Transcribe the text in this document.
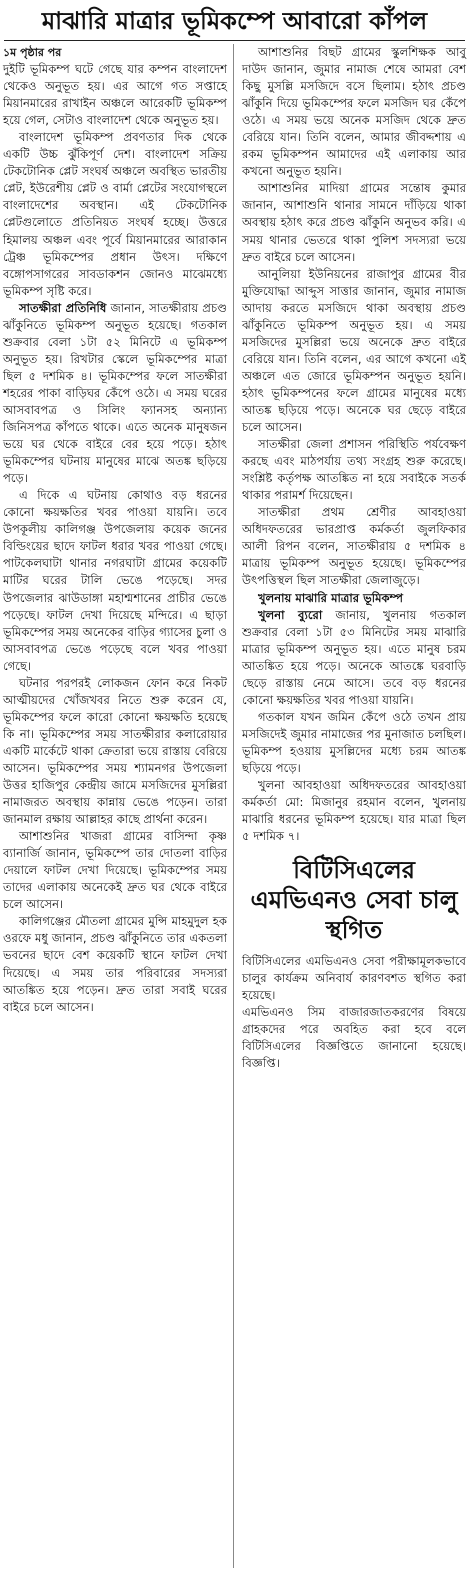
মাঝারি মাত্রার ভূমিকম্পে আবারো কাঁপল

১ম পৃষ্ঠার পর

দুইটি ভূমিকম্প ঘটে গেছে যার কম্পন বাংলাদেশ থেকেও অনুভূত হয়। এর আগে গত সপ্তাহে মিয়ানমারের রাখাইন অঞ্চলে আরেকটি ভূমিকম্প হয়ে গেল, সেটাও বাংলাদেশ থেকে অনুভূত হয়।

বাংলাদেশ ভূমিকম্প প্রবণতার দিক থেকে একটি উচ্চ ঝুঁকিপূর্ণ দেশ। বাংলাদেশ সক্রিয় টেকটোনিক প্লেট সংঘর্ষ অঞ্চলে অবস্থিত ভারতীয় প্লেট, ইউরেশীয় প্লেট ও বার্মা প্লেটের সংযোগস্থলে বাংলাদেশের অবস্থান। এই টেকটোনিক প্লেটগুলোতে প্রতিনিয়ত সংঘর্ষ হচ্ছে। উত্তরে হিমালয় অঞ্চল এবং পূর্বে মিয়ানমারের আরাকান ট্রেঞ্চ ভূমিকম্পের প্রধান উৎস। দক্ষিণে বঙ্গোপসাগরের সাবডাকশন জোনও মাঝেমধ্যে ভূমিকম্প সৃষ্টি করে।

সাতক্ষীরা প্রতিনিধি জানান, সাতক্ষীরায় প্রচণ্ড ঝাঁকুনিতে ভূমিকম্প অনুভূত হয়েছে। গতকাল শুক্রবার বেলা ১টা ৫২ মিনিটে এ ভূমিকম্প অনুভূত হয়। রিখটার স্কেলে ভূমিকম্পের মাত্রা ছিল ৫ দশমিক ৪। ভূমিকম্পের ফলে সাতক্ষীরা শহরের পাকা বাড়িঘর কেঁপে ওঠে। এ সময় ঘরের আসবাবপত্র ও সিলিং ফ্যানসহ অন্যান্য জিনিসপত্র কাঁপতে থাকে। এতে অনেক মানুষজন ভয়ে ঘর থেকে বাইরে বের হয়ে পড়ে। হঠাৎ ভূমিকম্পের ঘটনায় মানুষের মাঝে অতঙ্ক ছড়িয়ে পড়ে।

এ দিকে এ ঘটনায় কোথাও বড় ধরনের কোনো ক্ষয়ক্ষতির খবর পাওয়া যায়নি। তবে উপকূলীয় কালিগঞ্জ উপজেলায় কয়েক জনের বিল্ডিংয়ের ছাদে ফাটল ধরার খবর পাওয়া গেছে। পাটকেলঘাটা থানার নগরঘাটা গ্রামের কয়েকটি মাটির ঘরের টালি ভেঙে পড়েছে। সদর উপজেলার ঝাউডাঙ্গা মহাশ্মশানের প্রাচীর ভেঙে পড়েছে। ফাটল দেখা দিয়েছে মন্দিরে। এ ছাড়া ভূমিকম্পের সময় অনেকের বাড়ির গ্যাসের চুলা ও আসবাবপত্র ভেঙে পড়েছে বলে খবর পাওয়া গেছে।

ঘটনার পরপরই লোকজন ফোন করে নিকট আত্মীয়দের খোঁজখবর নিতে শুরু করেন যে, ভূমিকম্পের ফলে কারো কোনো ক্ষয়ক্ষতি হয়েছে কি না। ভূমিকম্পের সময় সাতক্ষীরার কলারোয়ার একটি মার্কেটে থাকা ক্রেতারা ভয়ে রাস্তায় বেরিয়ে আসেন। ভূমিকম্পের সময় শ্যামনগর উপজেলা উত্তর হাজিপুর কেন্দ্রীয় জামে মসজিদের মুসল্লিরা নামাজরত অবস্থায় কান্নায় ভেঙে পড়েন। তারা জানমাল রক্ষায় আল্লাহর কাছে প্রার্থনা করেন।

আশাশুনির খাজরা গ্রামের বাসিন্দা কৃষ্ণ ব্যানার্জি জানান, ভূমিকম্পে তার দোতলা বাড়ির দেয়ালে ফাটল দেখা দিয়েছে। ভূমিকম্পের সময় তাদের এলাকায় অনেকেই দ্রুত ঘর থেকে বাইরে চলে আসেন।

কালিগঞ্জের মৌতলা গ্রামের মুন্সি মাহমুদুল হক ওরফে মধু জানান, প্রচণ্ড ঝাঁকুনিতে তার একতলা ভবনের ছাদে বেশ কয়েকটি স্থানে ফাটল দেখা দিয়েছে। এ সময় তার পরিবারের সদস্যরা আতঙ্কিত হয়ে পড়েন। দ্রুত তারা সবাই ঘরের বাইরে চলে আসেন।

আশাশুনির বিছট গ্রামের স্কুলশিক্ষক আবু দাউদ জানান, জুমার নামাজ শেষে আমরা বেশ কিছু মুসল্লি মসজিদে বসে ছিলাম। হঠাৎ প্রচণ্ড ঝাঁকুনি দিয়ে ভূমিকম্পের ফলে মসজিদ ঘর কেঁপে ওঠে। এ সময় ভয়ে অনেক মসজিদ থেকে দ্রুত বেরিয়ে যান। তিনি বলেন, আমার জীবদ্দশায় এ রকম ভূমিকম্পন আমাদের এই এলাকায় আর কখনো অনুভূত হয়নি।

আশাশুনির মাদিয়া গ্রামের সন্তোষ কুমার জানান, আশাশুনি থানার সামনে দাঁড়িয়ে থাকা অবস্থায় হঠাৎ করে প্রচণ্ড ঝাঁকুনি অনুভব করি। এ সময় থানার ভেতরে থাকা পুলিশ সদস্যরা ভয়ে দ্রুত বাইরে চলে আসেন।

আনুলিয়া ইউনিয়নের রাজাপুর গ্রামের বীর মুক্তিযোদ্ধা আব্দুস সাত্তার জানান, জুমার নামাজ আদায় করতে মসজিদে থাকা অবস্থায় প্রচণ্ড ঝাঁকুনিতে ভূমিকম্প অনুভূত হয়। এ সময় মসজিদের মুসল্লিরা ভয়ে অনেকে দ্রুত বাইরে বেরিয়ে যান। তিনি বলেন, এর আগে কখনো এই অঞ্চলে এত জোরে ভূমিকম্পন অনুভূত হয়নি। হঠাৎ ভূমিকম্পনের ফলে গ্রামের মানুষের মধ্যে আতঙ্ক ছড়িয়ে পড়ে। অনেকে ঘর ছেড়ে বাইরে চলে আসেন।

সাতক্ষীরা জেলা প্রশাসন পরিস্থিতি পর্যবেক্ষণ করছে এবং মাঠপর্যায় তথ্য সংগ্রহ শুরু করেছে। সংশ্লিষ্ট কর্তৃপক্ষ আতঙ্কিত না হয়ে সবাইকে সতর্ক থাকার পরামর্শ দিয়েছেন।

সাতক্ষীরা প্রথম শ্রেণীর আবহাওয়া অধিদফতরের ভারপ্রাপ্ত কর্মকর্তা জুলফিকার আলী রিপন বলেন, সাতক্ষীরায় ৫ দশমিক ৪ মাত্রায় ভূমিকম্প অনুভূত হয়েছে। ভূমিকম্পের উৎপত্তিস্থল ছিল সাতক্ষীরা জেলাজুড়ে।

খুলনায় মাঝারি মাত্রার ভূমিকম্প

খুলনা ব্যুরো জানায়, খুলনায় গতকাল শুক্রবার বেলা ১টা ৫৩ মিনিটের সময় মাঝারি মাত্রার ভূমিকম্প অনুভূত হয়। এতে মানুষ চরম আতঙ্কিত হয়ে পড়ে। অনেকে আতঙ্কে ঘরবাড়ি ছেড়ে রাস্তায় নেমে আসে। তবে বড় ধরনের কোনো ক্ষয়ক্ষতির খবর পাওয়া যায়নি।

গতকাল যখন জমিন কেঁপে ওঠে তখন প্রায় মসজিদেই জুমার নামাজের পর মুনাজাত চলছিল। ভূমিকম্প হওয়ায় মুসল্লিদের মধ্যে চরম আতঙ্ক ছড়িয়ে পড়ে।

খুলনা আবহাওয়া অধিদফতরের আবহাওয়া কর্মকর্তা মো: মিজানুর রহমান বলেন, খুলনায় মাঝারি ধরনের ভূমিকম্প হয়েছে। যার মাত্রা ছিল ৫ দশমিক ৭।

বিটিসিএলের এমভিএনও সেবা চালু স্থগিত

বিটিসিএলের এমভিএনও সেবা পরীক্ষামূলকভাবে চালুর কার্যক্রম অনিবার্য কারণবশত স্থগিত করা হয়েছে।

এমভিএনও সিম বাজারজাতকরণের বিষয়ে গ্রাহকদের পরে অবহিত করা হবে বলে বিটিসিএলের বিজ্ঞপ্তিতে জানানো হয়েছে। বিজ্ঞপ্তি।
